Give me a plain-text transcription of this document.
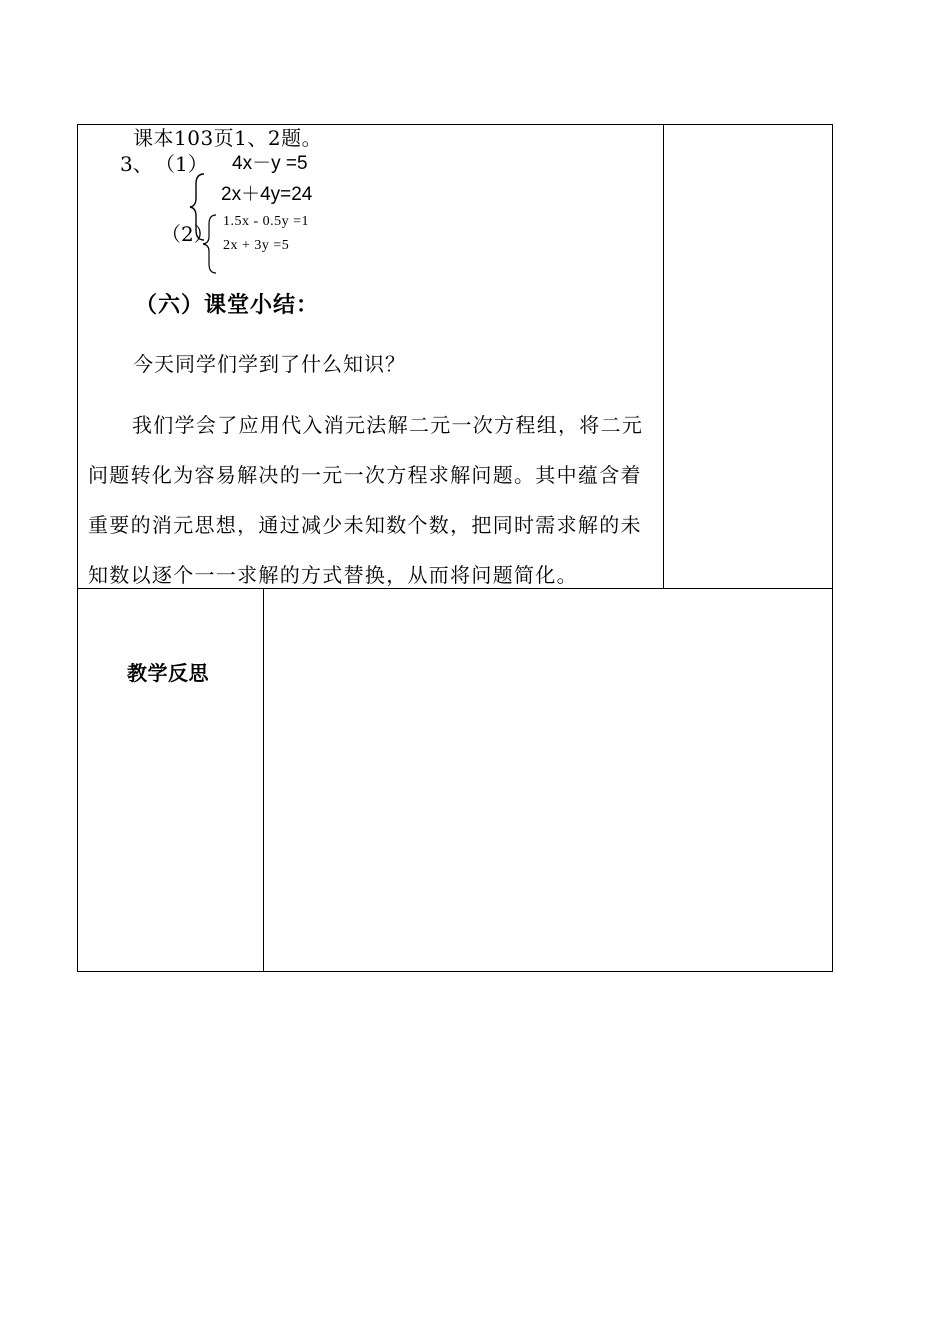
课本103页1、2题。
3、 （1） 4x－y =5
2x＋4y=24
（2）
1.5x - 0.5y =1
2x + 3y =5
（六）课堂小结：
今天同学们学到了什么知识？
我们学会了应用代入消元法解二元一次方程组，将二元问题转化为容易解决的一元一次方程求解问题。其中蕴含着重要的消元思想，通过减少未知数个数，把同时需求解的未知数以逐个一一求解的方式替换，从而将问题简化。
教学反思
